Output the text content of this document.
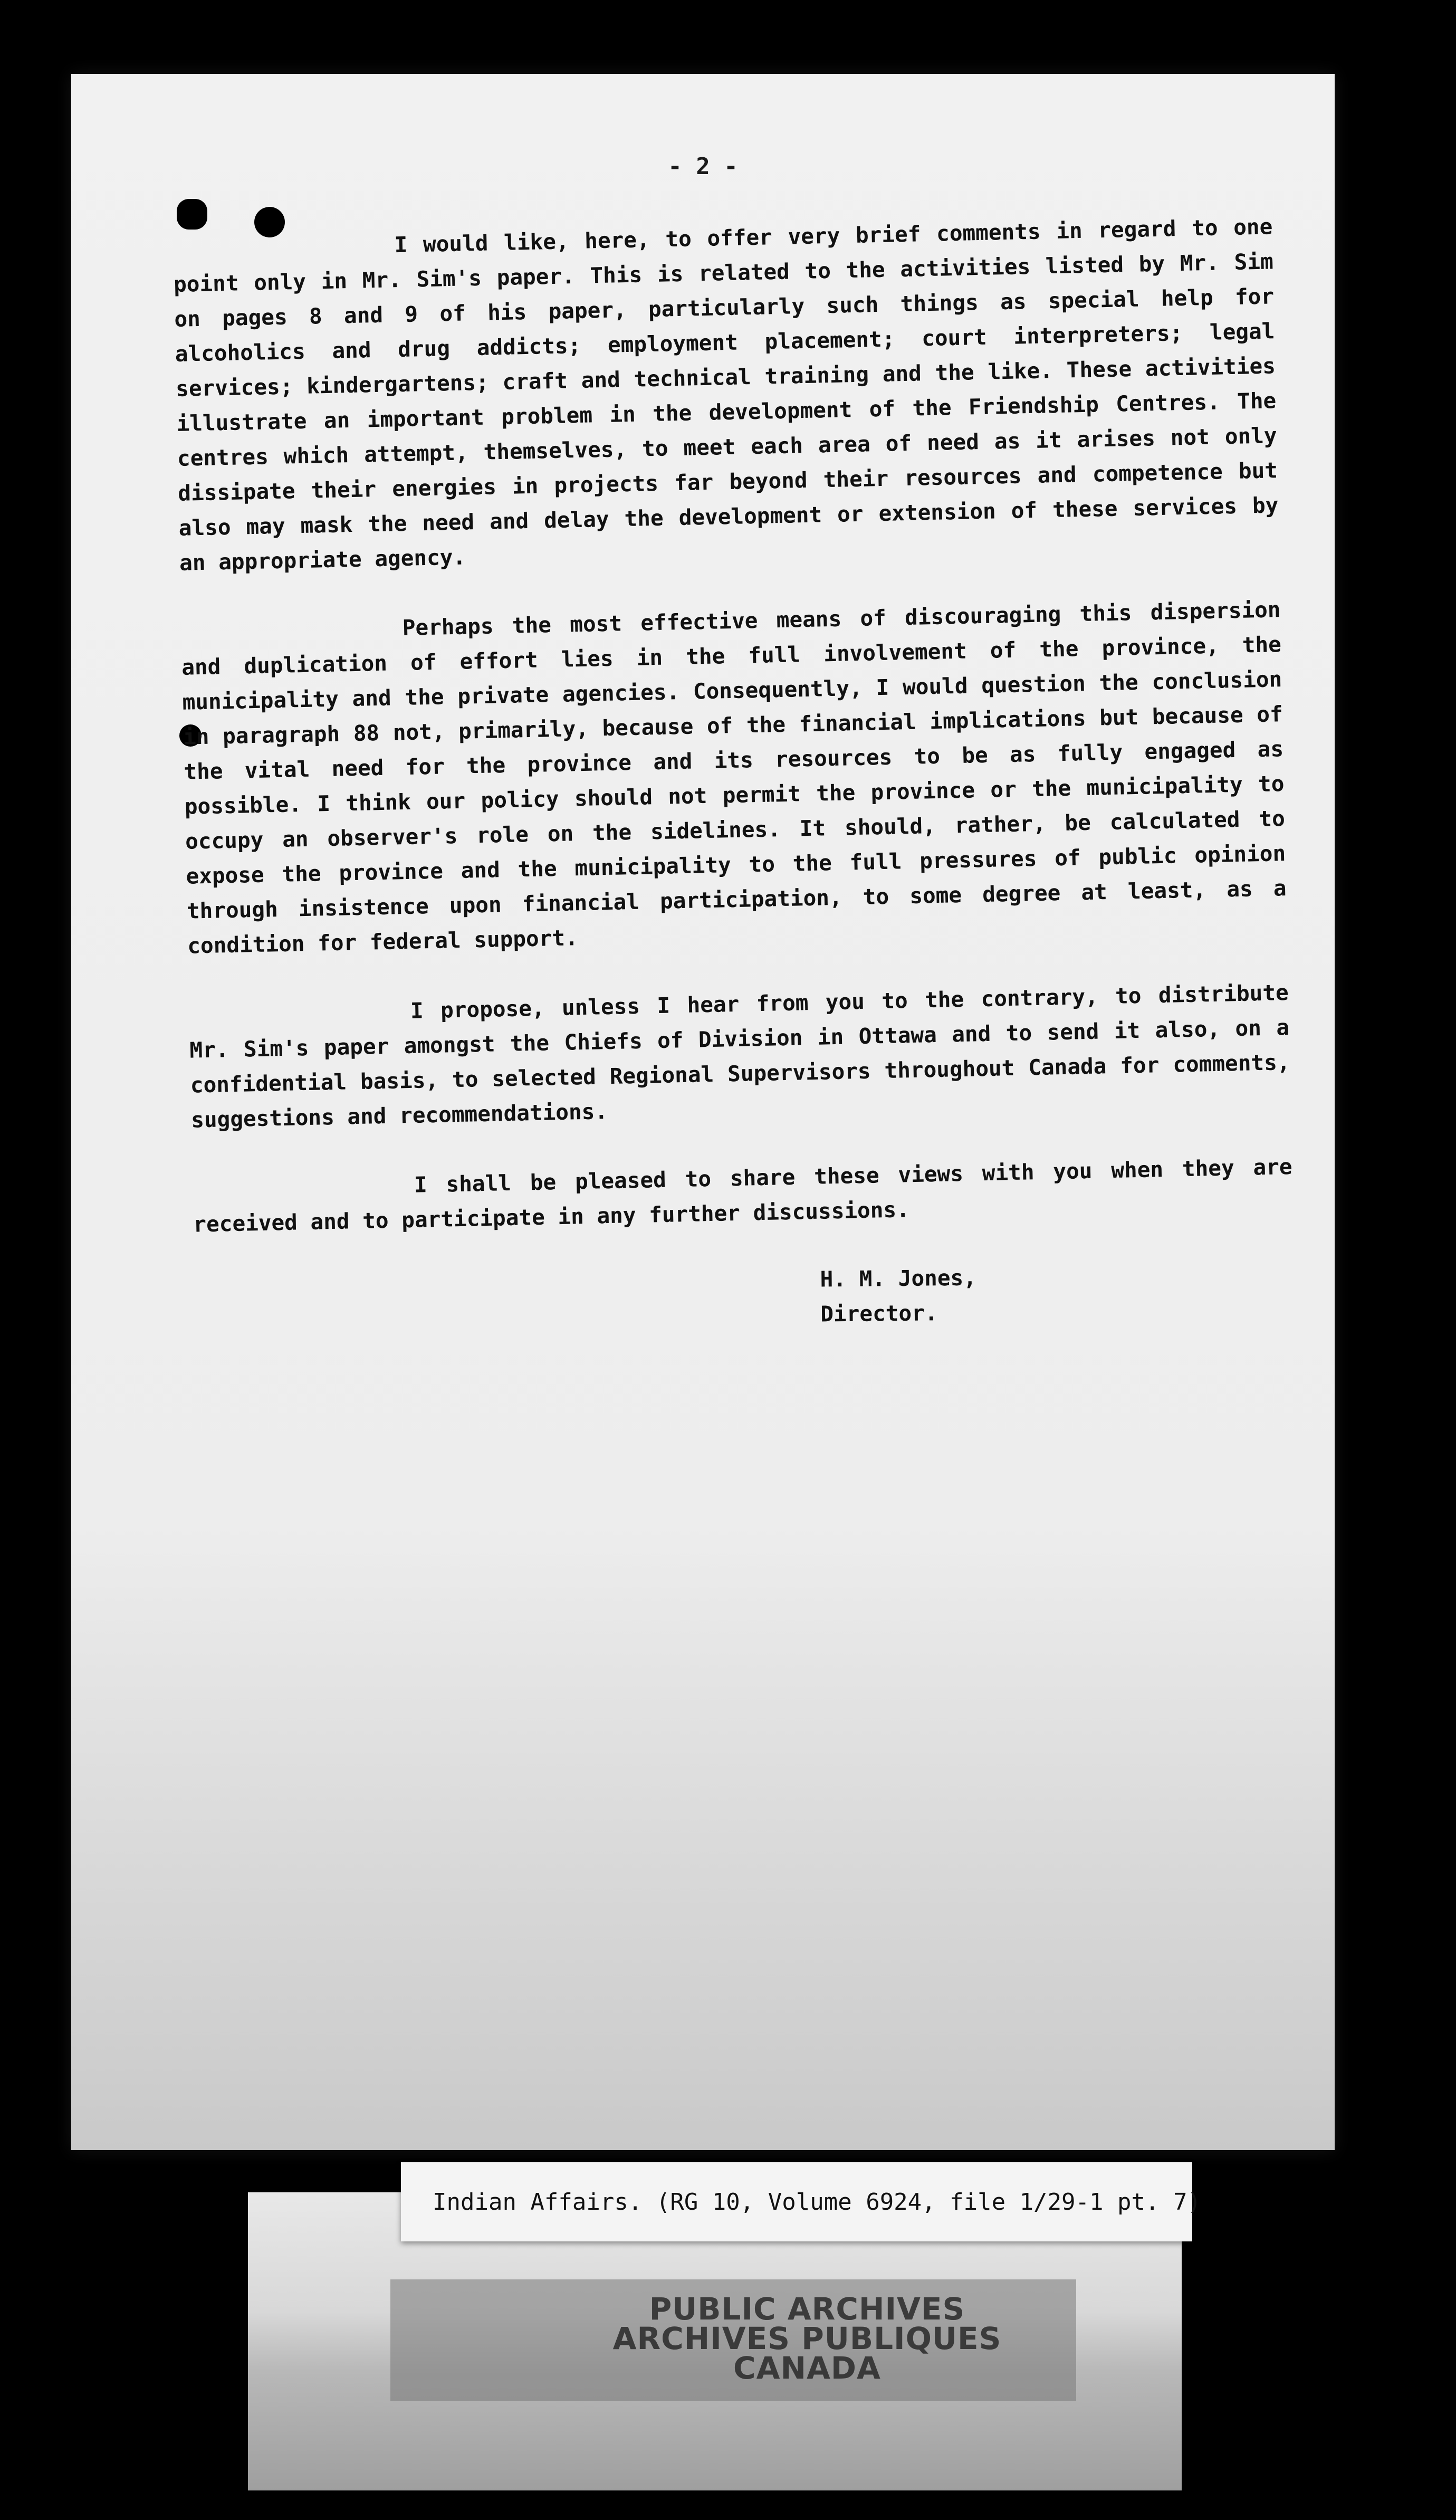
- 2 -

I would like, here, to offer very brief comments in regard to one point only in Mr. Sim's paper. This is related to the activities listed by Mr. Sim on pages 8 and 9 of his paper, particularly such things as special help for alcoholics and drug addicts; employment placement; court interpreters; legal services; kindergartens; craft and technical training and the like. These activities illustrate an important problem in the development of the Friendship Centres. The centres which attempt, themselves, to meet each area of need as it arises not only dissipate their energies in projects far beyond their resources and competence but also may mask the need and delay the development or extension of these services by an appropriate agency.

Perhaps the most effective means of discouraging this dispersion and duplication of effort lies in the full involvement of the province, the municipality and the private agencies. Consequently, I would question the conclusion in paragraph 88 not, primarily, because of the financial implications but because of the vital need for the province and its resources to be as fully engaged as possible. I think our policy should not permit the province or the municipality to occupy an observer's role on the sidelines. It should, rather, be calculated to expose the province and the municipality to the full pressures of public opinion through insistence upon financial participation, to some degree at least, as a condition for federal support.

I propose, unless I hear from you to the contrary, to distribute Mr. Sim's paper amongst the Chiefs of Division in Ottawa and to send it also, on a confidential basis, to selected Regional Supervisors throughout Canada for comments, suggestions and recommendations.

I shall be pleased to share these views with you when they are received and to participate in any further discussions.

H. M. Jones,
Director.
Indian Affairs. (RG 10, Volume 6924, file 1/29-1 pt. 7)
PUBLIC ARCHIVES
ARCHIVES PUBLIQUES
CANADA
